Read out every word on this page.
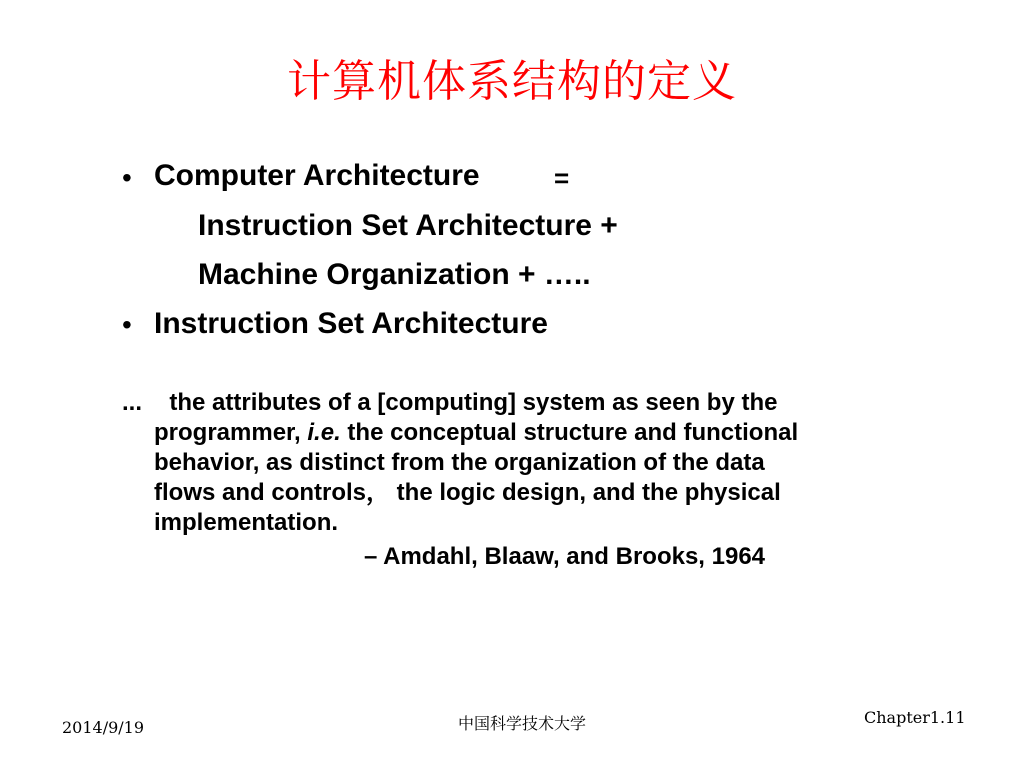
计算机体系结构的定义
• Computer Architecture	=
Instruction Set Architecture +
Machine Organization + …..
• Instruction Set Architecture
... the attributes of a [computing] system as seen by the
programmer, i.e. the conceptual structure and functional
behavior, as distinct from the organization of the data
flows and controls， the logic design, and the physical
implementation.
– Amdahl, Blaaw, and Brooks, 1964
2014/9/19	中国科学技术大学	Chapter1.11
